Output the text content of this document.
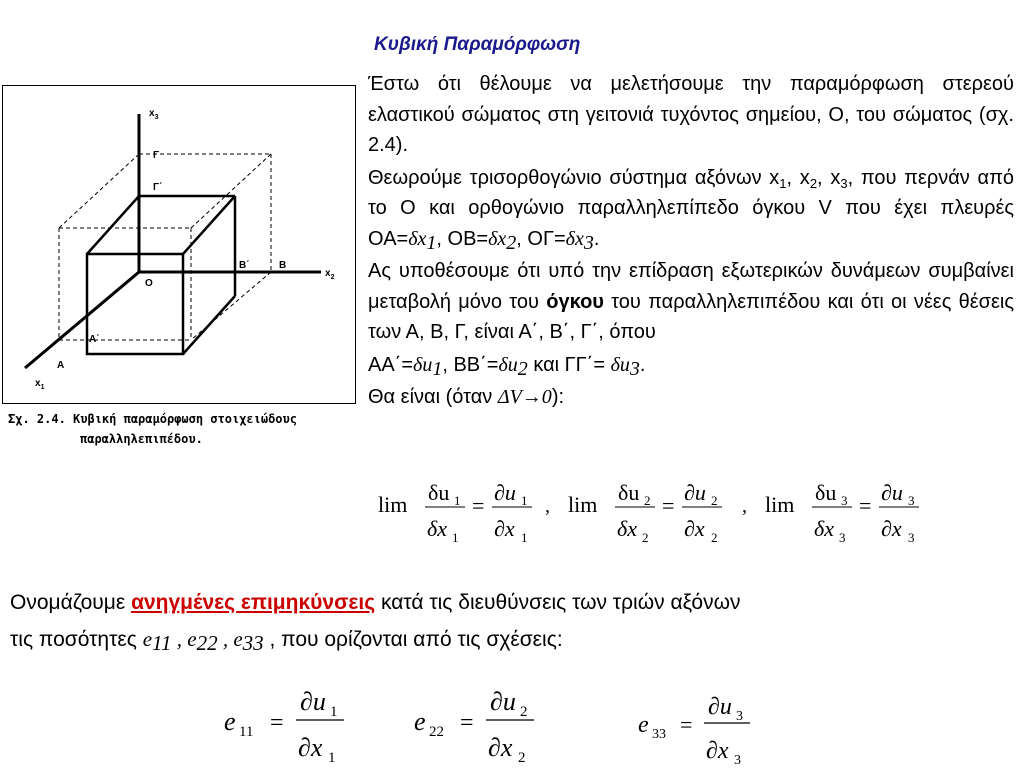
Κυβική Παραμόρφωση

Έστω ότι θέλουμε να μελετήσουμε την παραμόρφωση στερεού ελαστικού σώματος στη γειτονιά τυχόντος σημείου, Ο, του σώματος (σχ. 2.4).

Θεωρούμε τρισορθογώνιο σύστημα αξόνων $x_1$, $x_2$, $x_3$, που περνάν από το Ο και ορθογώνιο παραλληλεπίπεδο όγκου V που έχει πλευρές $OA=\delta x_1$, $OB=\delta x_2$, $O\Gamma=\delta x_3$.

Ας υποθέσουμε ότι υπό την επίδραση εξωτερικών δυνάμεων συμβαίνει μεταβολή μόνο του όγκου του παραλληλεπιπέδου και ότι οι νέες θέσεις των Α, Β, Γ, είναι Α΄, Β΄, Γ΄, όπου

$AA΄=\delta u_1$, $BB΄=\delta u_2$ και $\Gamma\Gamma΄= \delta u_3$.

Θα είναι (όταν ΔV→0):

lim δu 1
δx 1
=
∂u 1
∂x 1
, lim δu 2
δx 2
=
∂u 2
∂x 2
, lim δu 3
δx 3
=
∂u 3
∂x 3
$x_3$
$x_2$
$x_1$
Γ
Γ΄
B΄	B
O
A΄
A
Σχ. 2.4. Κυβική παραμόρφωση στοιχειώδους
παραλληλεπιπέδου.

Ονομάζουμε ανηγμένες επιμηκύνσεις κατά τις διευθύνσεις των τριών αξόνων

τις ποσότητες $e_{11}$ , $e_{22}$ , $e_{33}$ , που ορίζονται από τις σχέσεις:

e 11 =
∂u 1
∂x 1
e 22 =
∂u 2
∂x 2
e 33 =
∂u 3
∂x 3
